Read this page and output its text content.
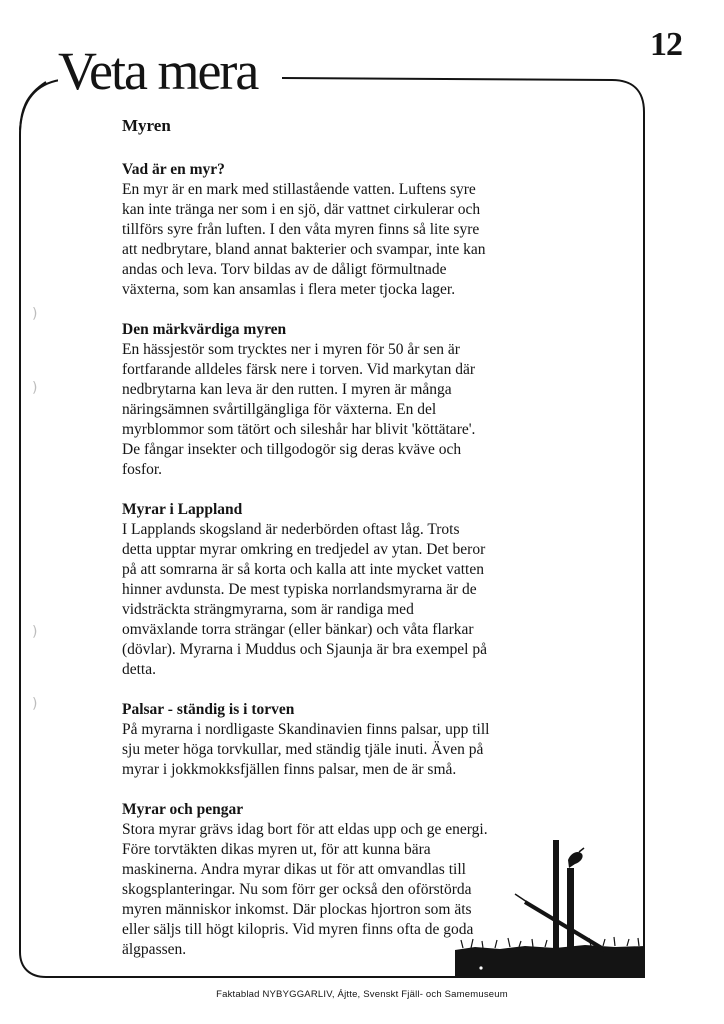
12
Veta mera
)
)
)
)

Myren

Vad är en myr?

En myr är en mark med stillastående vatten. Luftens syre
kan inte tränga ner som i en sjö, där vattnet cirkulerar och
tillförs syre från luften. I den våta myren finns så lite syre
att nedbrytare, bland annat bakterier och svampar, inte kan
andas och leva. Torv bildas av de dåligt förmultnade
växterna, som kan ansamlas i flera meter tjocka lager.

Den märkvärdiga myren

En hässjestör som trycktes ner i myren för 50 år sen är
fortfarande alldeles färsk nere i torven. Vid markytan där
nedbrytarna kan leva är den rutten. I myren är många
näringsämnen svårtillgängliga för växterna. En del
myrblommor som tätört och sileshår har blivit 'köttätare'.
De fångar insekter och tillgodogör sig deras kväve och
fosfor.

Myrar i Lappland

I Lapplands skogsland är nederbörden oftast låg. Trots
detta upptar myrar omkring en tredjedel av ytan. Det beror
på att somrarna är så korta och kalla att inte mycket vatten
hinner avdunsta. De mest typiska norrlandsmyrarna är de
vidsträckta strängmyrarna, som är randiga med
omväxlande torra strängar (eller bänkar) och våta flarkar
(dövlar). Myrarna i Muddus och Sjaunja är bra exempel på
detta.

Palsar - ständig is i torven

På myrarna i nordligaste Skandinavien finns palsar, upp till
sju meter höga torvkullar, med ständig tjäle inuti. Även på
myrar i jokkmokksfjällen finns palsar, men de är små.

Myrar och pengar

Stora myrar grävs idag bort för att eldas upp och ge energi.
Före torvtäkten dikas myren ut, för att kunna bära
maskinerna. Andra myrar dikas ut för att omvandlas till
skogsplanteringar. Nu som förr ger också den oförstörda
myren människor inkomst. Där plockas hjortron som äts
eller säljs till högt kilopris. Vid myren finns ofta de goda
älgpassen.

Faktablad NYBYGGARLIV, Ájtte, Svenskt Fjäll- och Samemuseum
